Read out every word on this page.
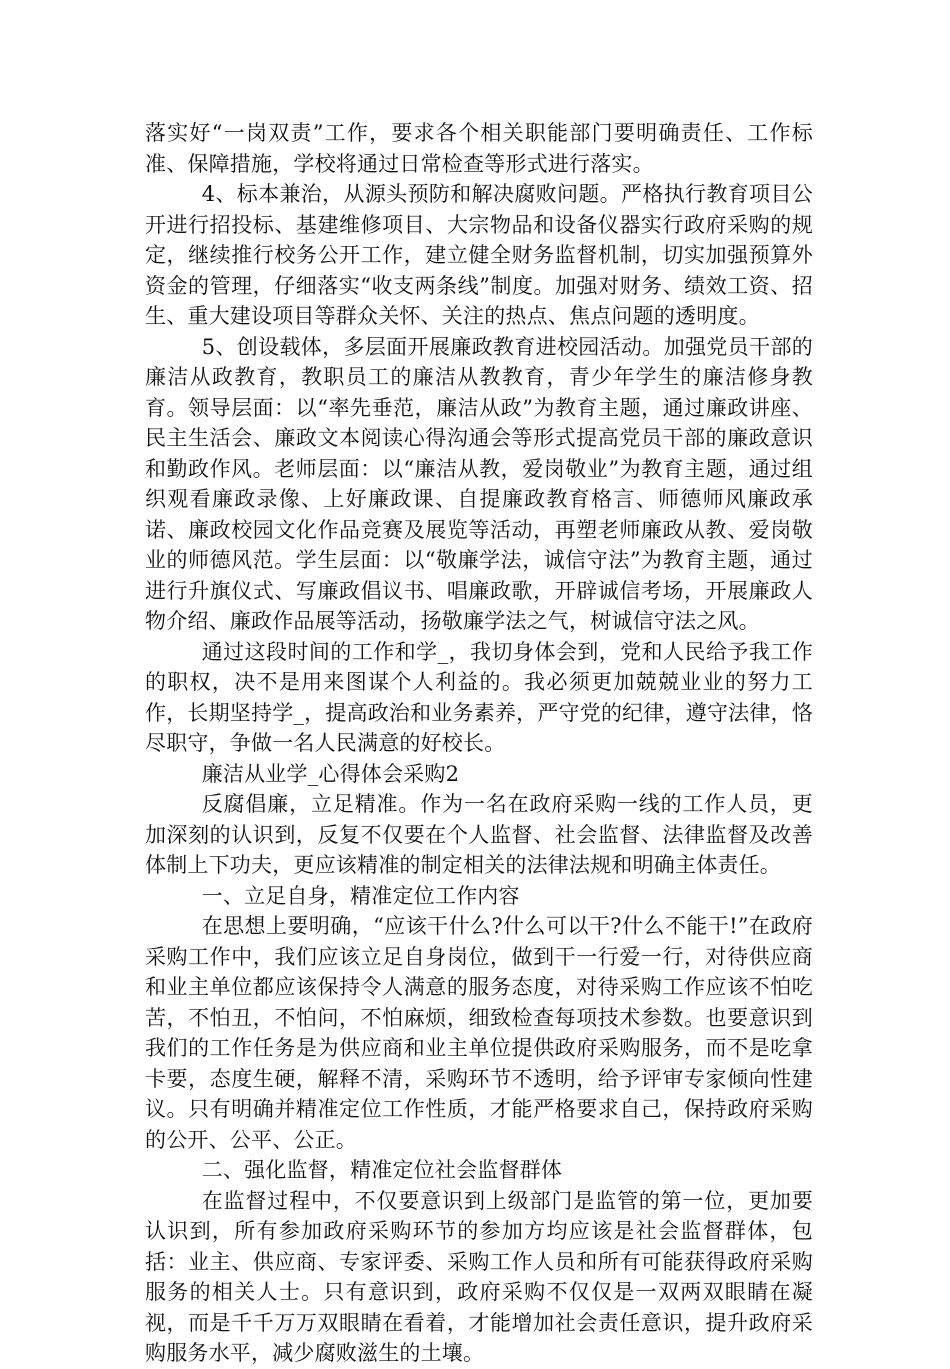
落实好“一岗双责”工作，要求各个相关职能部门要明确责任、工作标准、保障措施，学校将通过日常检查等形式进行落实。

4、标本兼治，从源头预防和解决腐败问题。严格执行教育项目公开进行招投标、基建维修项目、大宗物品和设备仪器实行政府采购的规定，继续推行校务公开工作，建立健全财务监督机制，切实加强预算外资金的管理，仔细落实“收支两条线”制度。加强对财务、绩效工资、招生、重大建设项目等群众关怀、关注的热点、焦点问题的透明度。

5、创设载体，多层面开展廉政教育进校园活动。加强党员干部的廉洁从政教育，教职员工的廉洁从教教育，青少年学生的廉洁修身教育。领导层面：以“率先垂范，廉洁从政”为教育主题，通过廉政讲座、民主生活会、廉政文本阅读心得沟通会等形式提高党员干部的廉政意识和勤政作风。老师层面：以“廉洁从教，爱岗敬业”为教育主题，通过组织观看廉政录像、上好廉政课、自提廉政教育格言、师德师风廉政承诺、廉政校园文化作品竞赛及展览等活动，再塑老师廉政从教、爱岗敬业的师德风范。学生层面：以“敬廉学法，诚信守法”为教育主题，通过进行升旗仪式、写廉政倡议书、唱廉政歌，开辟诚信考场，开展廉政人物介绍、廉政作品展等活动，扬敬廉学法之气，树诚信守法之风。

通过这段时间的工作和学_，我切身体会到，党和人民给予我工作的职权，决不是用来图谋个人利益的。我必须更加兢兢业业的努力工作，长期坚持学_，提高政治和业务素养，严守党的纪律，遵守法律，恪尽职守，争做一名人民满意的好校长。

廉洁从业学_心得体会采购2

反腐倡廉，立足精准。作为一名在政府采购一线的工作人员，更加深刻的认识到，反复不仅要在个人监督、社会监督、法律监督及改善体制上下功夫，更应该精准的制定相关的法律法规和明确主体责任。

一、立足自身，精准定位工作内容

在思想上要明确，“应该干什么?什么可以干?什么不能干!”在政府采购工作中，我们应该立足自身岗位，做到干一行爱一行，对待供应商和业主单位都应该保持令人满意的服务态度，对待采购工作应该不怕吃苦，不怕丑，不怕问，不怕麻烦，细致检查每项技术参数。也要意识到我们的工作任务是为供应商和业主单位提供政府采购服务，而不是吃拿卡要，态度生硬，解释不清，采购环节不透明，给予评审专家倾向性建议。只有明确并精准定位工作性质，才能严格要求自己，保持政府采购的公开、公平、公正。

二、强化监督，精准定位社会监督群体

在监督过程中，不仅要意识到上级部门是监管的第一位，更加要认识到，所有参加政府采购环节的参加方均应该是社会监督群体，包括：业主、供应商、专家评委、采购工作人员和所有可能获得政府采购服务的相关人士。只有意识到，政府采购不仅仅是一双两双眼睛在凝视，而是千千万万双眼睛在看着，才能增加社会责任意识，提升政府采购服务水平，减少腐败滋生的土壤。
